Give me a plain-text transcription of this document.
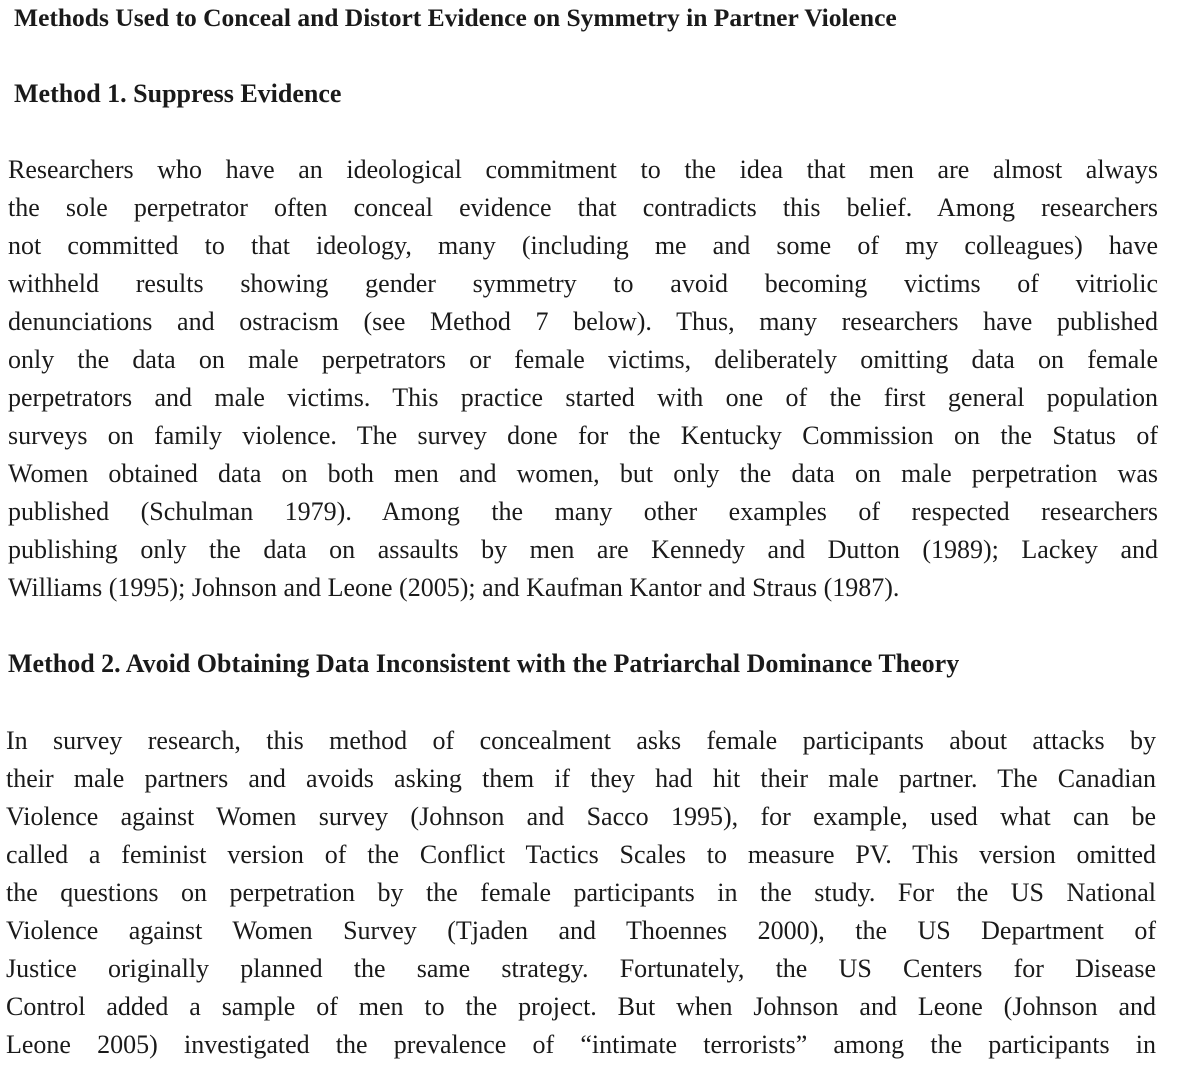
Methods Used to Conceal and Distort Evidence on Symmetry in Partner Violence
Method 1. Suppress Evidence
Researchers who have an ideological commitment to the idea that men are almost always
the sole perpetrator often conceal evidence that contradicts this belief. Among researchers
not committed to that ideology, many (including me and some of my colleagues) have
withheld results showing gender symmetry to avoid becoming victims of vitriolic
denunciations and ostracism (see Method 7 below). Thus, many researchers have published
only the data on male perpetrators or female victims, deliberately omitting data on female
perpetrators and male victims. This practice started with one of the first general population
surveys on family violence. The survey done for the Kentucky Commission on the Status of
Women obtained data on both men and women, but only the data on male perpetration was
published (Schulman 1979). Among the many other examples of respected researchers
publishing only the data on assaults by men are Kennedy and Dutton (1989); Lackey and
Williams (1995); Johnson and Leone (2005); and Kaufman Kantor and Straus (1987).
Method 2. Avoid Obtaining Data Inconsistent with the Patriarchal Dominance Theory
In survey research, this method of concealment asks female participants about attacks by
their male partners and avoids asking them if they had hit their male partner. The Canadian
Violence against Women survey (Johnson and Sacco 1995), for example, used what can be
called a feminist version of the Conflict Tactics Scales to measure PV. This version omitted
the questions on perpetration by the female participants in the study. For the US National
Violence against Women Survey (Tjaden and Thoennes 2000), the US Department of
Justice originally planned the same strategy. Fortunately, the US Centers for Disease
Control added a sample of men to the project. But when Johnson and Leone (Johnson and
Leone 2005) investigated the prevalence of “intimate terrorists” among the participants in
